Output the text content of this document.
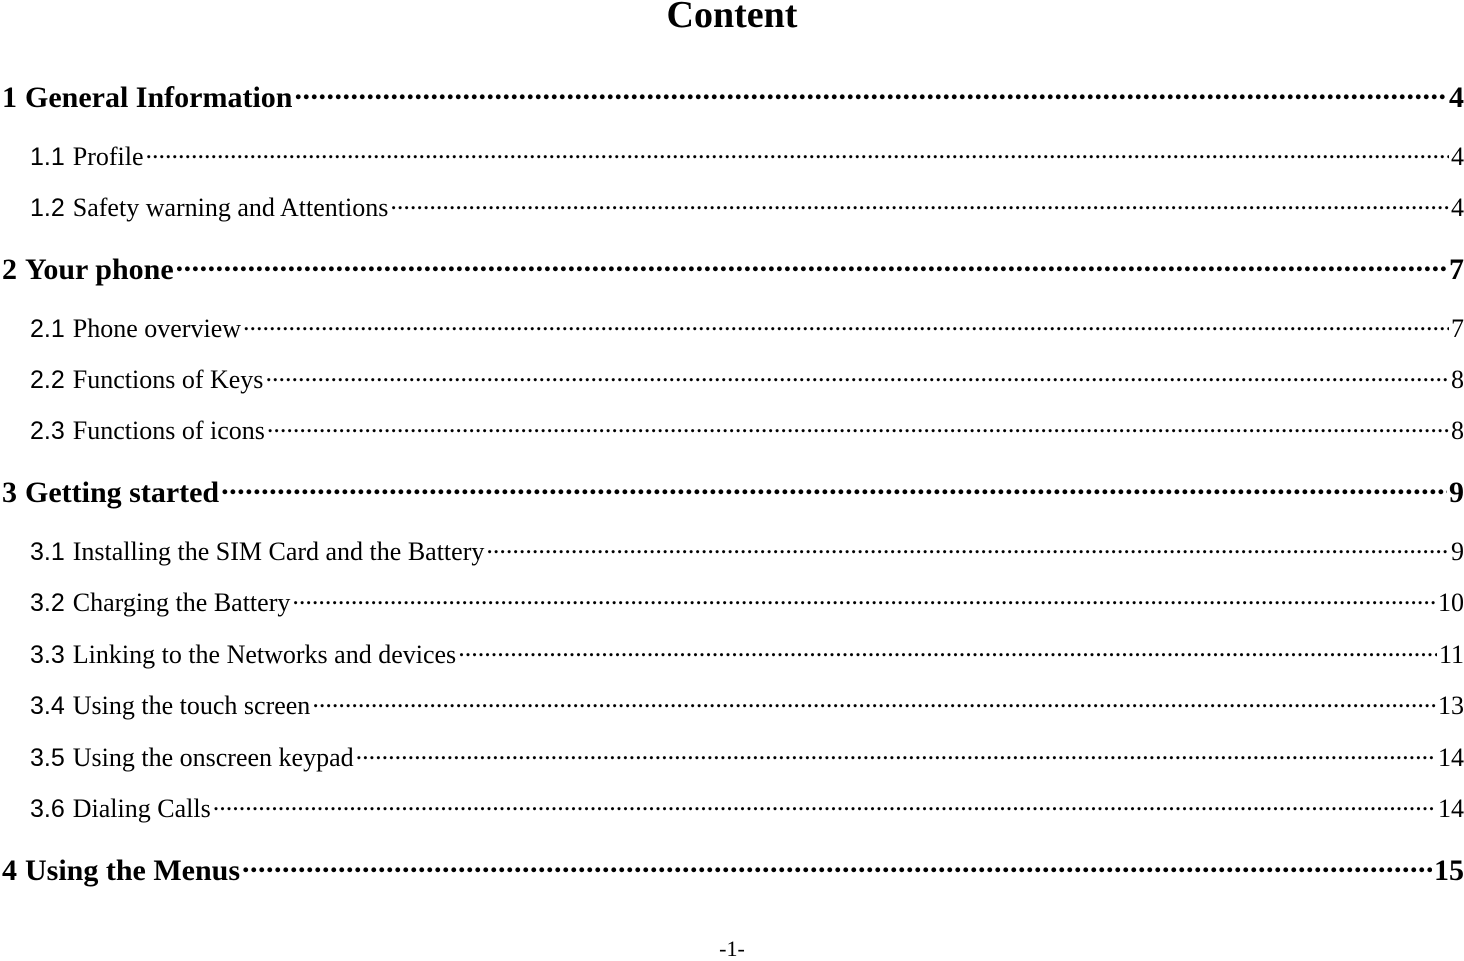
Content
1 General Information .....	4
1.1 Profile .....	4
1.2 Safety warning and Attentions .....	4
2 Your phone .....	7
2.1 Phone overview .....	7
2.2 Functions of Keys .....	8
2.3 Functions of icons .....	8
3 Getting started .....	9
3.1 Installing the SIM Card and the Battery .....	9
3.2 Charging the Battery .....	10
3.3 Linking to the Networks and devices .....	11
3.4 Using the touch screen .....	13
3.5 Using the onscreen keypad .....	14
3.6 Dialing Calls .....	14
4 Using the Menus .....	15
-1-
